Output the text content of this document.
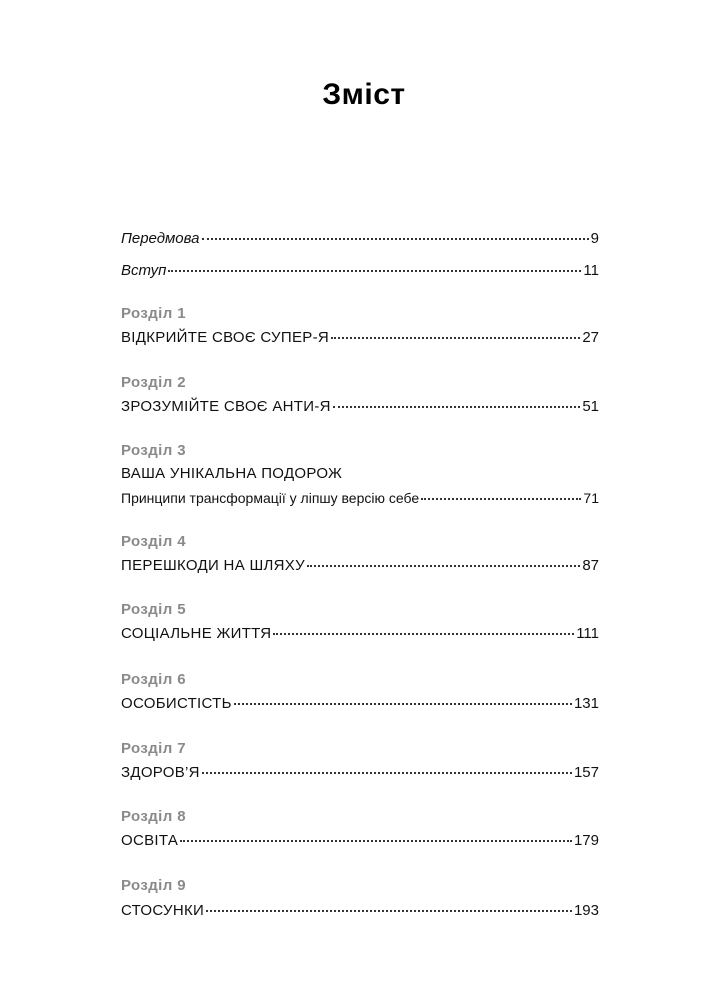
Зміст
Передмова	9
Вступ	11
Розділ 1
ВІДКРИЙТЕ СВОЄ СУПЕР-Я	27
Розділ 2
ЗРОЗУМІЙТЕ СВОЄ АНТИ-Я	51
Розділ 3
ВАША УНІКАЛЬНА ПОДОРОЖ
Принципи трансформації у ліпшу версію себе	71
Розділ 4
ПЕРЕШКОДИ НА ШЛЯХУ	87
Розділ 5
СОЦІАЛЬНЕ ЖИТТЯ	111
Розділ 6
ОСОБИСТІСТЬ	131
Розділ 7
ЗДОРОВ’Я	157
Розділ 8
ОСВІТА	179
Розділ 9
СТОСУНКИ	193
